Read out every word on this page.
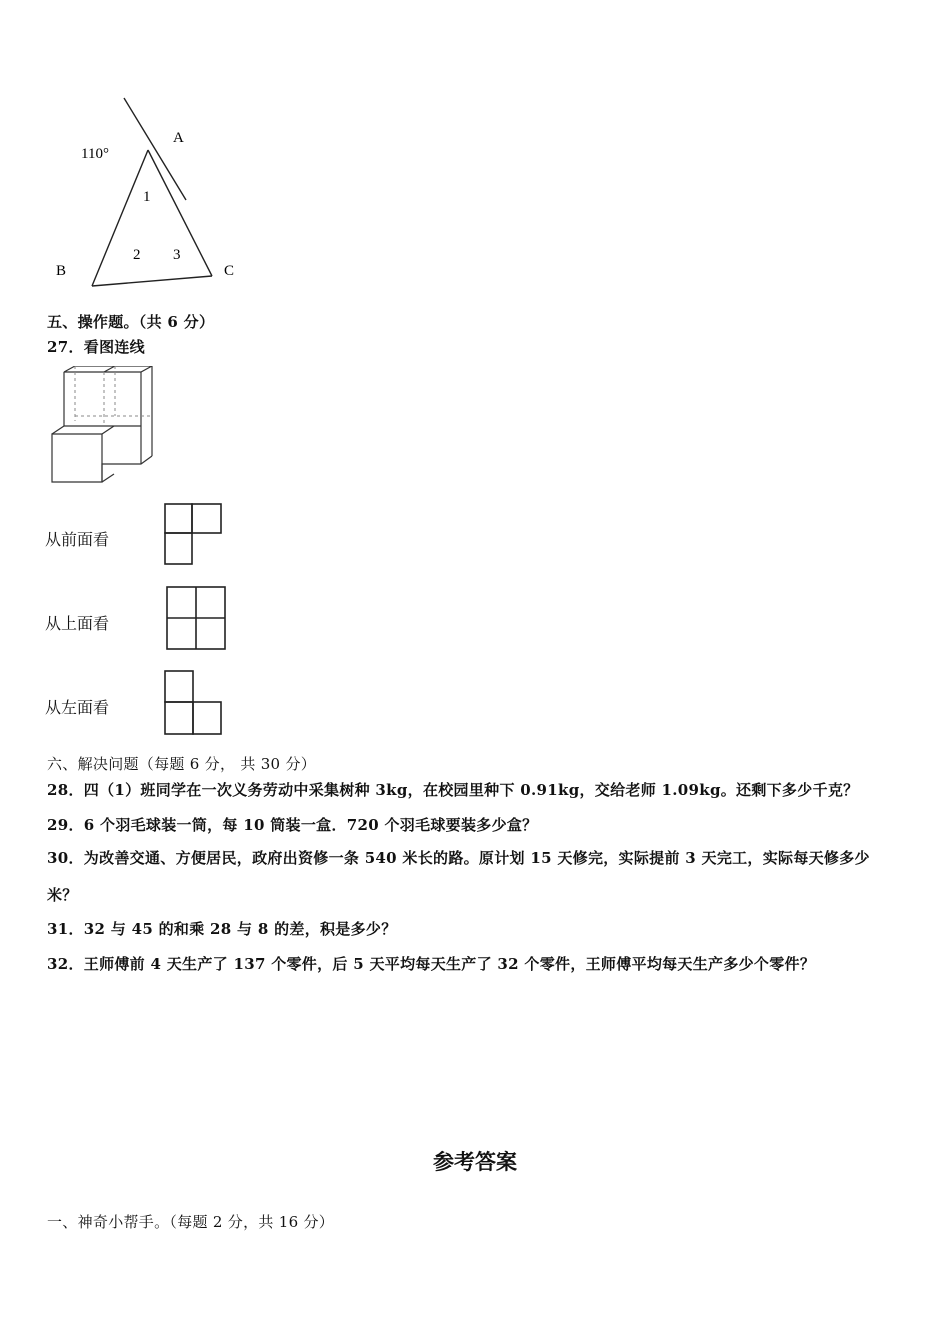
110°
A
B	C
1
2 3
五、操作题。（共 6 分）
27．看图连线
从前面看
从上面看
从左面看
六、解决问题（每题 6 分， 共 30 分）
28．四（1）班同学在一次义务劳动中采集树种 3kg，在校园里种下 0.91kg，交给老师 1.09kg。还剩下多少千克？
29．6 个羽毛球装一筒，每 10 筒装一盒．720 个羽毛球要装多少盒？
30．为改善交通、方便居民，政府出资修一条 540 米长的路。原计划 15 天修完，实际提前 3 天完工，实际每天修多少
米？
31．32 与 45 的和乘 28 与 8 的差，积是多少？
32．王师傅前 4 天生产了 137 个零件，后 5 天平均每天生产了 32 个零件，王师傅平均每天生产多少个零件？
参考答案
一、神奇小帮手。（每题 2 分，共 16 分）
